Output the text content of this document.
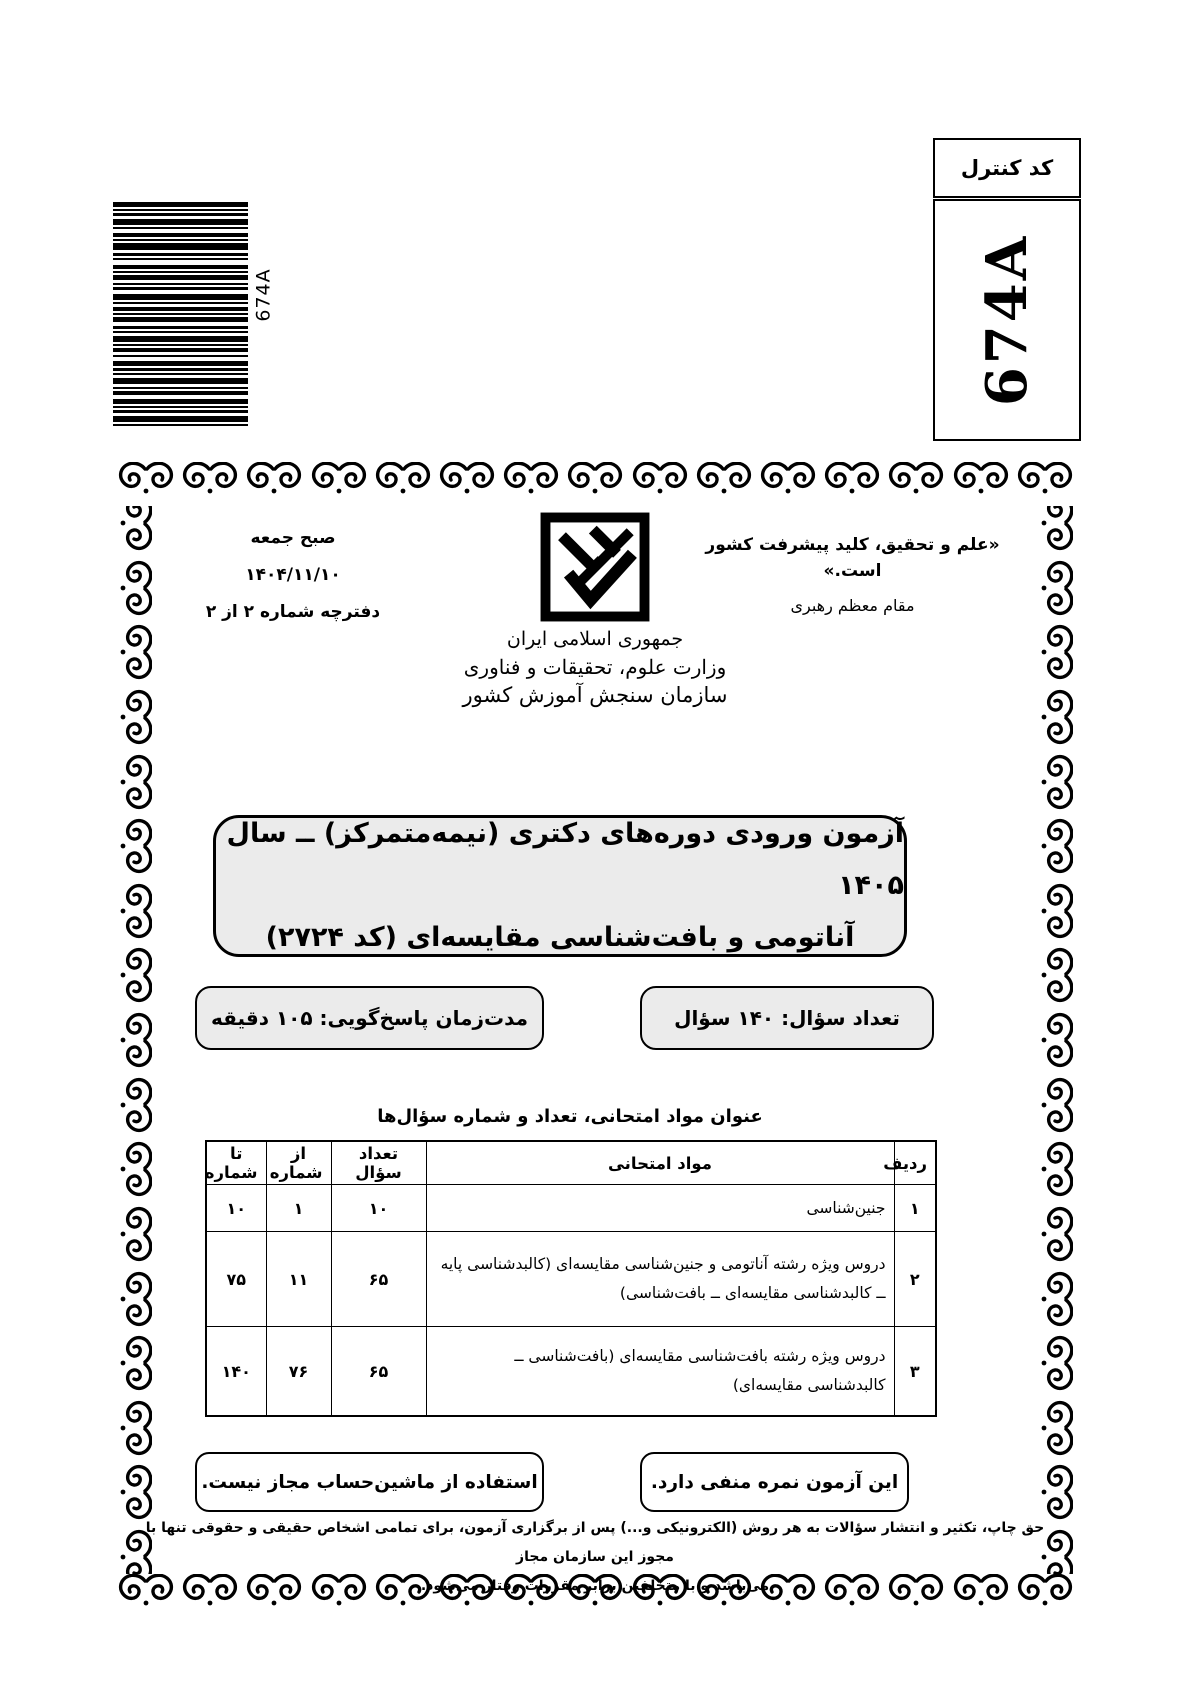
674A
کد کنترل
674A
صبح جمعه
۱۴۰۴/۱۱/۱۰
دفترچه شماره ۲ از ۲
جمهوری اسلامی ایران
وزارت علوم، تحقیقات و فناوری
سازمان سنجش آموزش کشور
«علم و تحقیق، کلید پیشرفت کشور است.»
مقام معظم رهبری
آزمون ورودی دوره‌های دکتری (نیمه‌متمرکز) ــ سال ۱۴۰۵
آناتومی و بافت‌شناسی مقایسه‌ای (کد ۲۷۲۴)
مدت‌زمان پاسخ‌گویی: ۱۰۵ دقیقه	تعداد سؤال: ۱۴۰ سؤال
عنوان مواد امتحانی، تعداد و شماره سؤال‌ها
ردیف	مواد امتحانی	تعداد سؤال	از شماره	تا شماره
۱	جنین‌شناسی	۱۰	۱	۱۰
۲	دروس ویژه رشته آناتومی و جنین‌شناسی مقایسه‌ای (کالبدشناسی پایه ــ کالبدشناسی مقایسه‌ای ــ بافت‌شناسی)	۶۵	۱۱	۷۵
۳	دروس ویژه رشته بافت‌شناسی مقایسه‌ای (بافت‌شناسی ــ کالبدشناسی مقایسه‌ای)	۶۵	۷۶	۱۴۰
استفاده از ماشین‌حساب مجاز نیست.	این آزمون نمره منفی دارد.
حق چاپ، تکثیر و انتشار سؤالات به هر روش (الکترونیکی و...) پس از برگزاری آزمون، برای تمامی اشخاص حقیقی و حقوقی تنها با مجوز این سازمان مجاز
می‌باشد و با متخلفین برابر مقررات رفتار می‌شود.
